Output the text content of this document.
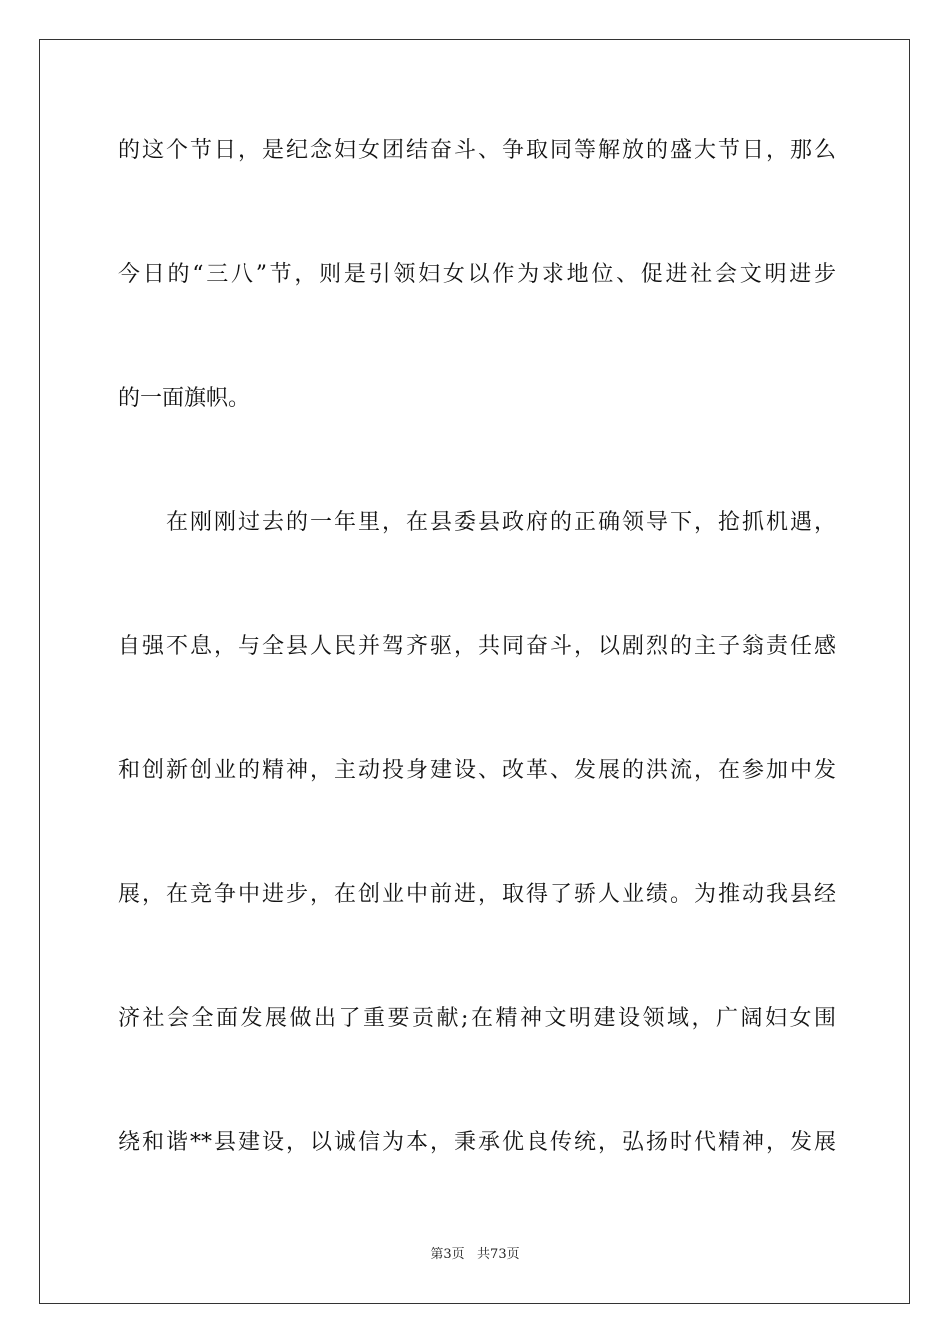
的这个节日，是纪念妇女团结奋斗、争取同等解放的盛大节日，那么
今日的“三八”节，则是引领妇女以作为求地位、促进社会文明进步
的一面旗帜。
在刚刚过去的一年里，在县委县政府的正确领导下，抢抓机遇，
自强不息，与全县人民并驾齐驱，共同奋斗，以剧烈的主子翁责任感
和创新创业的精神，主动投身建设、改革、发展的洪流，在参加中发
展，在竞争中进步，在创业中前进，取得了骄人业绩。为推动我县经
济社会全面发展做出了重要贡献;在精神文明建设领域，广阔妇女围
绕和谐**县建设，以诚信为本，秉承优良传统，弘扬时代精神，发展
第3页   共73页
